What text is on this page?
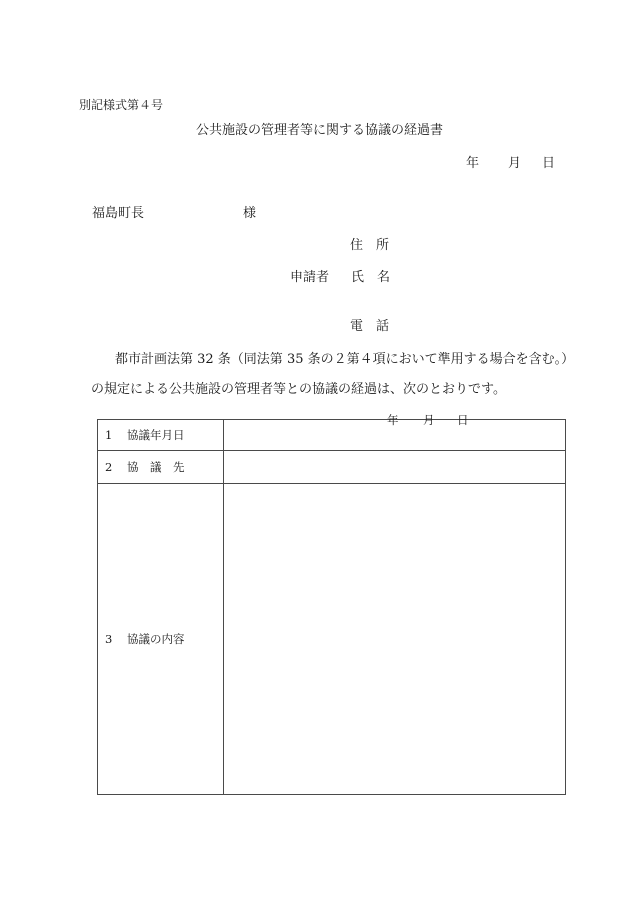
別記様式第４号
公共施設の管理者等に関する協議の経過書
年 月 日
福島町長	様
住　所
申請者 氏　名
電　話
都市計画法第 32 条（同法第 35 条の２第４項において準用する場合を含む。）
の規定による公共施設の管理者等との協議の経過は、次のとおりです。
1 協議年月日	年 月 日

2 協　議　先	
3 協議の内容	
